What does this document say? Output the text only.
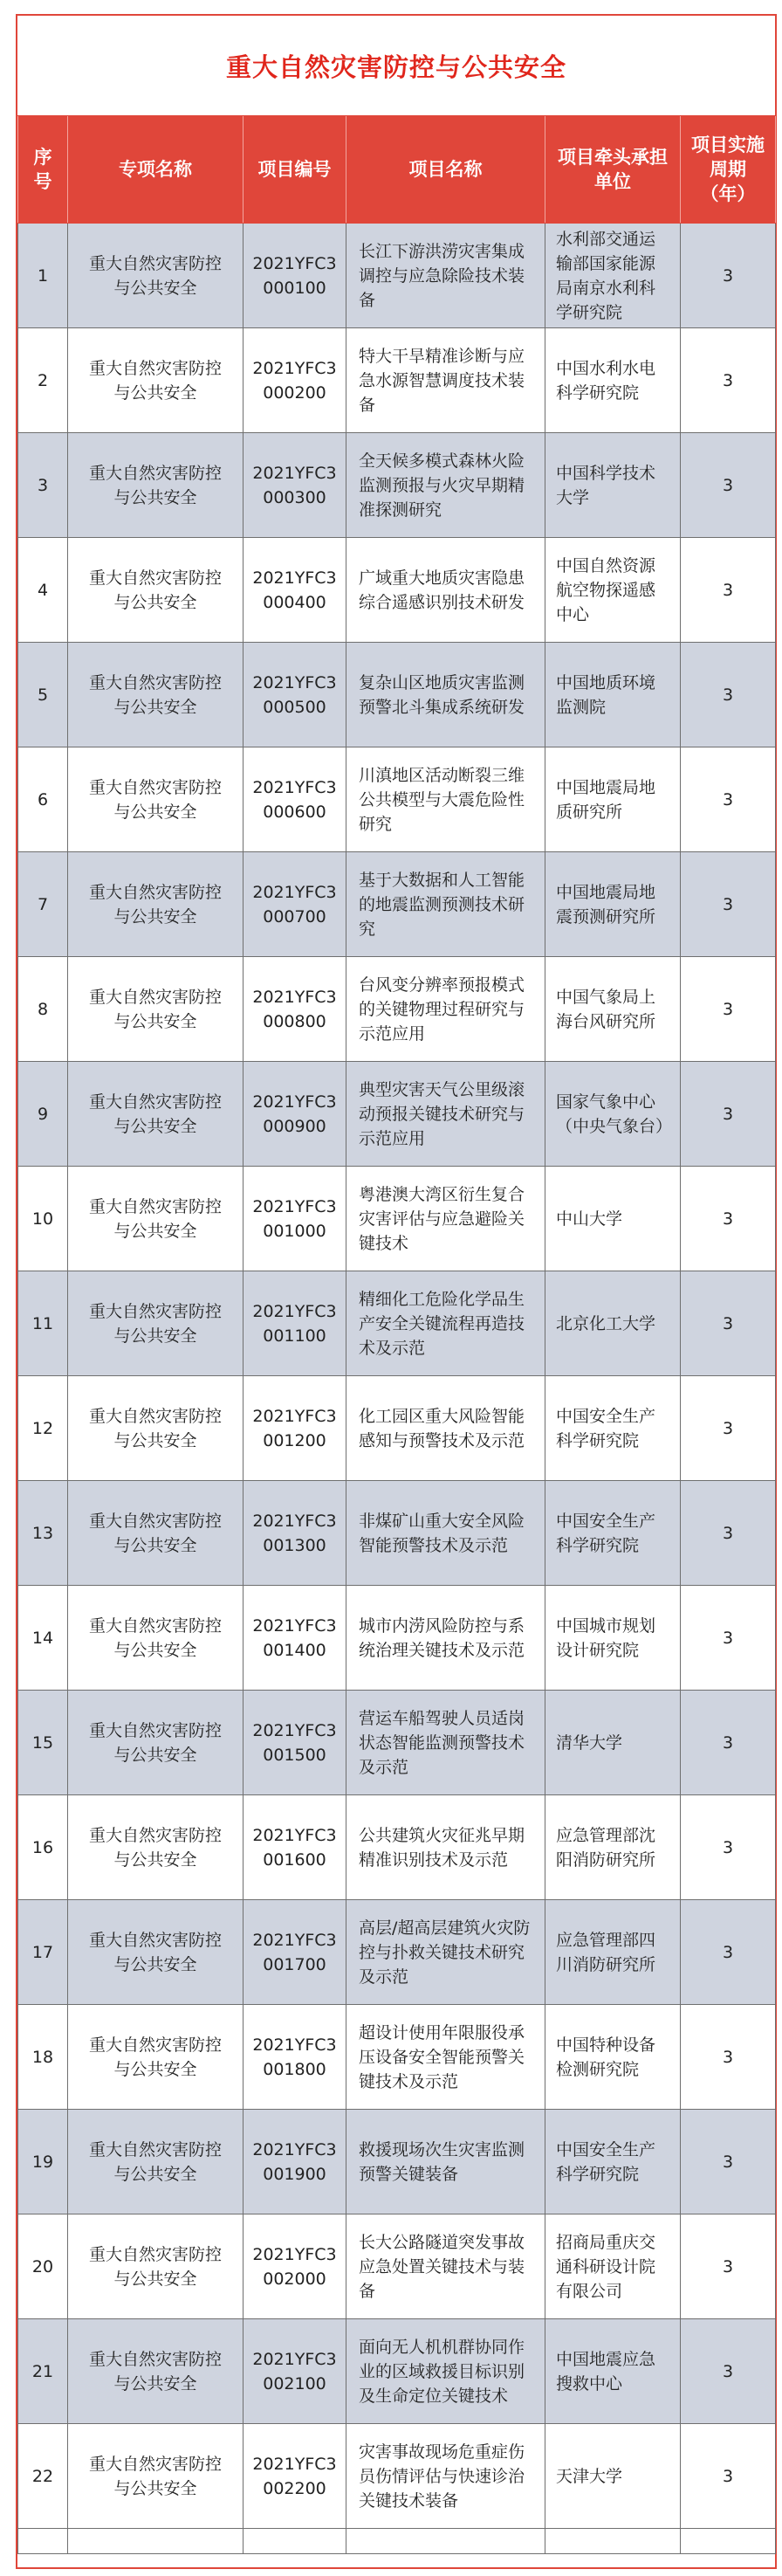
重大自然灾害防控与公共安全
序号	专项名称	项目编号	项目名称	项目牵头承担单位	项目实施周期（年）
1	重大自然灾害防控与公共安全	2021YFC3000100	长江下游洪涝灾害集成调控与应急除险技术装备	水利部交通运输部国家能源局南京水利科学研究院	3
2	重大自然灾害防控与公共安全	2021YFC3000200	特大干旱精准诊断与应急水源智慧调度技术装备	中国水利水电科学研究院	3
3	重大自然灾害防控与公共安全	2021YFC3000300	全天候多模式森林火险监测预报与火灾早期精准探测研究	中国科学技术大学	3
4	重大自然灾害防控与公共安全	2021YFC3000400	广域重大地质灾害隐患综合遥感识别技术研发	中国自然资源航空物探遥感中心	3
5	重大自然灾害防控与公共安全	2021YFC3000500	复杂山区地质灾害监测预警北斗集成系统研发	中国地质环境监测院	3
6	重大自然灾害防控与公共安全	2021YFC3000600	川滇地区活动断裂三维公共模型与大震危险性研究	中国地震局地质研究所	3
7	重大自然灾害防控与公共安全	2021YFC3000700	基于大数据和人工智能的地震监测预测技术研究	中国地震局地震预测研究所	3
8	重大自然灾害防控与公共安全	2021YFC3000800	台风变分辨率预报模式的关键物理过程研究与示范应用	中国气象局上海台风研究所	3
9	重大自然灾害防控与公共安全	2021YFC3000900	典型灾害天气公里级滚动预报关键技术研究与示范应用	国家气象中心（中央气象台）	3
10	重大自然灾害防控与公共安全	2021YFC3001000	粤港澳大湾区衍生复合灾害评估与应急避险关键技术	中山大学	3
11	重大自然灾害防控与公共安全	2021YFC3001100	精细化工危险化学品生产安全关键流程再造技术及示范	北京化工大学	3
12	重大自然灾害防控与公共安全	2021YFC3001200	化工园区重大风险智能感知与预警技术及示范	中国安全生产科学研究院	3
13	重大自然灾害防控与公共安全	2021YFC3001300	非煤矿山重大安全风险智能预警技术及示范	中国安全生产科学研究院	3
14	重大自然灾害防控与公共安全	2021YFC3001400	城市内涝风险防控与系统治理关键技术及示范	中国城市规划设计研究院	3
15	重大自然灾害防控与公共安全	2021YFC3001500	营运车船驾驶人员适岗状态智能监测预警技术及示范	清华大学	3
16	重大自然灾害防控与公共安全	2021YFC3001600	公共建筑火灾征兆早期精准识别技术及示范	应急管理部沈阳消防研究所	3
17	重大自然灾害防控与公共安全	2021YFC3001700	高层/超高层建筑火灾防控与扑救关键技术研究及示范	应急管理部四川消防研究所	3
18	重大自然灾害防控与公共安全	2021YFC3001800	超设计使用年限服役承压设备安全智能预警关键技术及示范	中国特种设备检测研究院	3
19	重大自然灾害防控与公共安全	2021YFC3001900	救援现场次生灾害监测预警关键装备	中国安全生产科学研究院	3
20	重大自然灾害防控与公共安全	2021YFC3002000	长大公路隧道突发事故应急处置关键技术与装备	招商局重庆交通科研设计院有限公司	3
21	重大自然灾害防控与公共安全	2021YFC3002100	面向无人机机群协同作业的区域救援目标识别及生命定位关键技术	中国地震应急搜救中心	3
22	重大自然灾害防控与公共安全	2021YFC3002200	灾害事故现场危重症伤员伤情评估与快速诊治关键技术装备	天津大学	3
